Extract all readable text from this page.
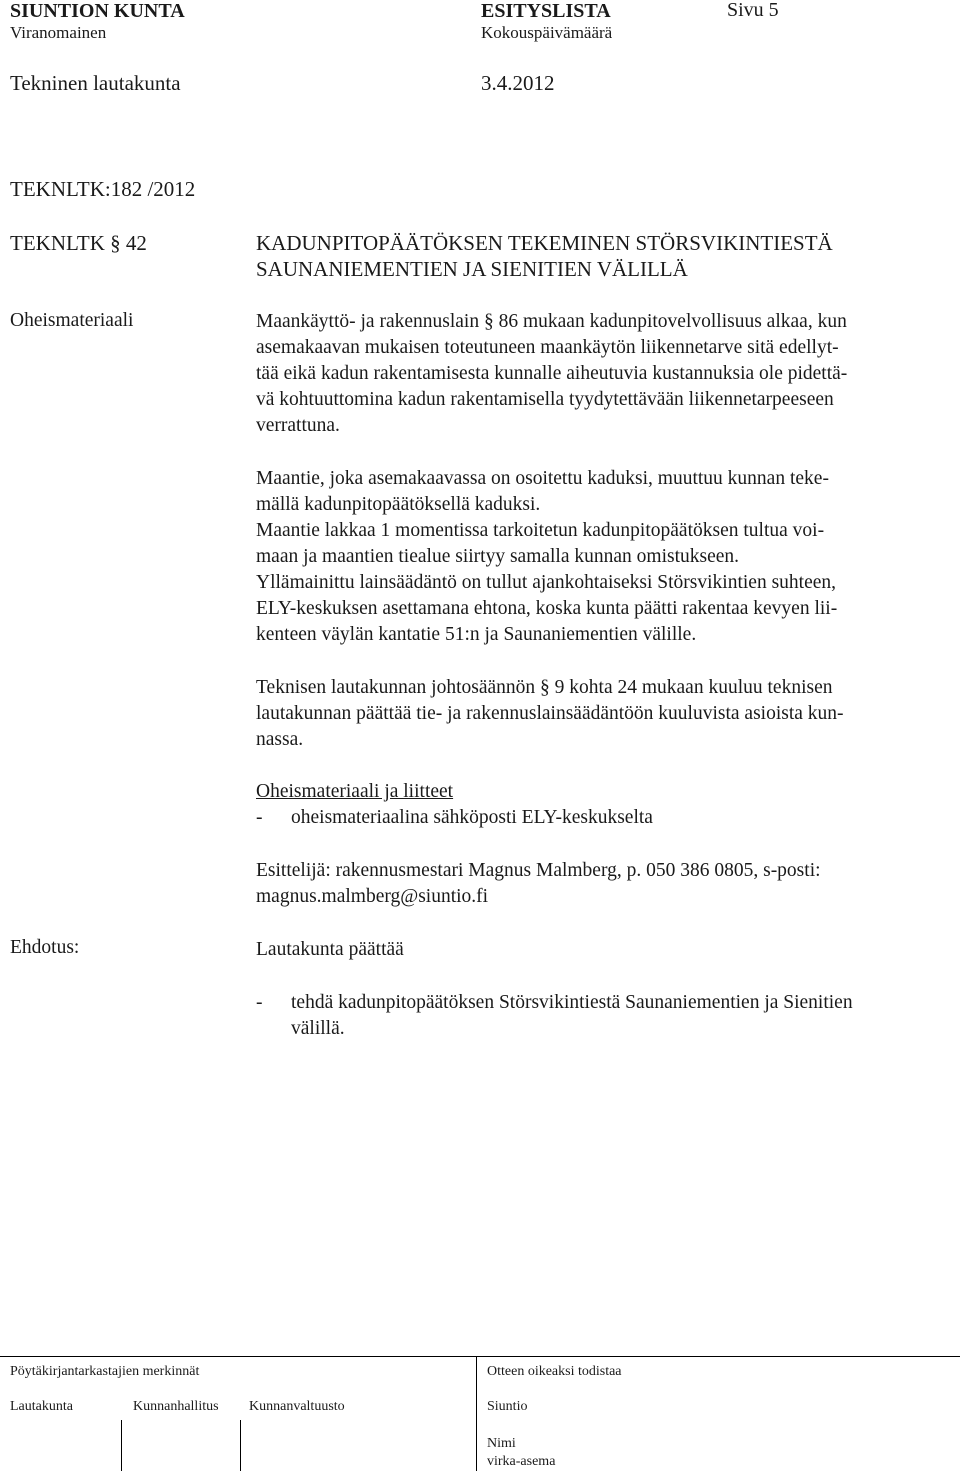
SIUNTION KUNTA	ESITYSLISTA	Sivu 5
Viranomainen	Kokouspäivämäärä
Tekninen lautakunta	3.4.2012
TEKNLTK:182 /2012
TEKNLTK § 42	KADUNPITOPÄÄTÖKSEN TEKEMINEN STÖRSVIKINTIESTÄ
SAUNANIEMENTIEN JA SIENITIEN VÄLILLÄ
Oheismateriaali	Maankäyttö- ja rakennuslain § 86 mukaan kadunpitovelvollisuus alkaa, kun
asemakaavan mukaisen toteutuneen maankäytön liikennetarve sitä edellyt-
tää eikä kadun rakentamisesta kunnalle aiheutuvia kustannuksia ole pidettä-
vä kohtuuttomina kadun rakentamisella tyydytettävään liikennetarpeeseen
verrattuna.
Maantie, joka asemakaavassa on osoitettu kaduksi, muuttuu kunnan teke-
mällä kadunpitopäätöksellä kaduksi.
Maantie lakkaa 1 momentissa tarkoitetun kadunpitopäätöksen tultua voi-
maan ja maantien tiealue siirtyy samalla kunnan omistukseen.
Yllämainittu lainsäädäntö on tullut ajankohtaiseksi Störsvikintien suhteen,
ELY-keskuksen asettamana ehtona, koska kunta päätti rakentaa kevyen lii-
kenteen väylän kantatie 51:n ja Saunaniementien välille.
Teknisen lautakunnan johtosäännön § 9 kohta 24 mukaan kuuluu teknisen
lautakunnan päättää tie- ja rakennuslainsäädäntöön kuuluvista asioista kun-
nassa.
Oheismateriaali ja liitteet
- oheismateriaalina sähköposti ELY-keskukselta
Esittelijä: rakennusmestari Magnus Malmberg, p. 050 386 0805, s-posti:
magnus.malmberg@siuntio.fi
Ehdotus:	Lautakunta päättää
- tehdä kadunpitopäätöksen Störsvikintiestä Saunaniementien ja Sienitien
välillä.
Pöytäkirjantarkastajien merkinnät	Otteen oikeaksi todistaa
Lautakunta	Kunnanhallitus Kunnanvaltuusto	Siuntio
Nimi
virka-asema
